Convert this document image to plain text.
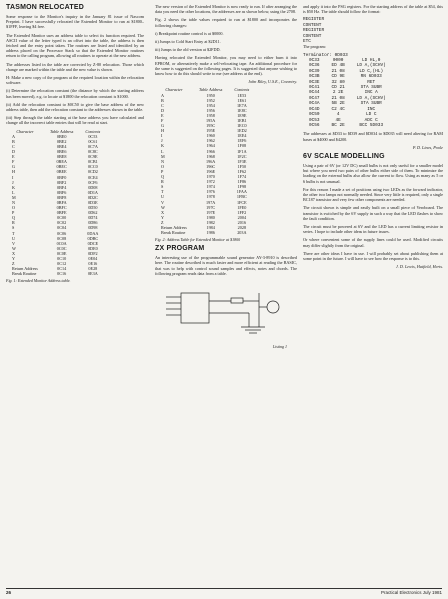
TASMON RELOCATED

Some response to the Monitor's inquiry in the January 81 issue of Nascom Preprint. I have successfully relocated the Extended Monitor to run at $1800–$1FFF, leaving $4 free.

The Extended Monitor uses an address table to select its function required. The ASCII value of the letter typed is an offset into the table, the address is then fetched and the entry point taken. The routines are listed and identified by an address placed on the Processor Stack so that the Extended Monitor routines return to the calling program, allowing all routines to operate at the new address.

The addresses listed in the table are corrected by Z-80 relocation. Those which change are marked within the table and the new value is shown.

H: Make a new copy of the program at the required location within the relocation software.

(i) Determine the relocation constant (the distance by which the starting address has been moved), e.g. to locate at $1800 the relocation constant is $1000.

(ii) Add the relocation constant to $0C50 to give the base address of the new address table, then add the relocation constant to the addresses shown in the table.

(iii) Step through the table starting at the base address you have calculated and change all the incorrect table entries that will be read at start.

Character	Table Address	Contents
A	0BE0	0C53
B	0BE2	0C61
C	0BE4	0C7A
D	0BE6	0C8C
E	0BE8	0C9E
F	0BEA	0CB1
G	0BEC	0CC0
H	0BEE	0CD2
I	0BF0	0CE4
J	0BF2	0CF6
K	0BF4	0D08
L	0BF6	0D1A
M	0BF8	0D2C
N	0BFA	0D3E
O	0BFC	0D50
P	0BFE	0D62
Q	0C00	0D74
R	0C02	0D86
S	0C04	0D98
T	0C06	0DAA
U	0C08	0DBC
V	0C0A	0DCE
W	0C0C	0DE0
X	0C0E	0DF2
Y	0C10	0E04
Z	0C12	0E16
Return Address	0C14	0E28
Break Routine	0C16	0E3A
Fig. 1: Extended Monitor Address table.

The new version of the Extended Monitor is now ready to run. If after arranging the data you need the other locations, the addresses are as shown below, using the 2708.

Fig. 2 shows the table values required to run at $1800 and incorporates the following changes:

i) Breakpoint routine control is at $0000.

ii) Jumps to Cold Start Entry at $2D11.

iii) Jumps to the old version at $2FDD.

Having relocated the Extended Monitor, you may need to either burn it into EPROM, or alternatively make a self-relocating tape. An additional procedure for the same is suggested on the following pages. It is suggested that anyone wishing to know how to do this should write to me (see address at the end).

John Riley, U.S.E., Coventry.
Character	Table Address	Contents
A	1950	1E53
B	1952	1E61
C	1954	1E7A
D	1956	1E8C
E	1958	1E9E
F	195A	1EB1
G	195C	1EC0
H	195E	1ED2
I	1960	1EE4
J	1962	1EF6
K	1964	1F08
L	1966	1F1A
M	1968	1F2C
N	196A	1F3E
O	196C	1F50
P	196E	1F62
Q	1970	1F74
R	1972	1F86
S	1974	1F98
T	1976	1FAA
U	1978	1FBC
V	197A	1FCE
W	197C	1FE0
X	197E	1FF2
Y	1980	2004
Z	1982	2016
Return Address	1984	2028
Break Routine	1986	203A
Fig. 2: Address Table for Extended Monitor at $1800
ZX PROGRAM

An interesting use of the programmable sound generator AY-3-8910 is described here. The routine described is much faster and more efficient at reading the BASIC, that was to help with control sound samples and effects, notes and chords. The following program reads data from a table.

Listing 1

and apply it into the PSG registers. For the starting address of the table at $54, this is $50 Hz. The table should follow the format:

REGISTER
CONTENT
REGISTER
CONTENT
ETC

The program:

Terminator: 0D033
0C33	0000	LD HL,0
0C36	ED 4B	LD A,(SCHV)
0C39	21 08	LD C,(HL)
0C3B	CD 9E	RN 6D033
0C3E	32 80	RET
0C41	CD 21	STA SUBR
0C44	2 2E	INC A
0C47	21 08	LD A,(SCHV)
0C4A	5B 2E	STA SUBR
0C4D	C2 4C	INC
0C50	4	LD C
0C53	4E	ADC C
0C56	BC 2E	BCC 5D033

The addresses at $D33 to $D39 and $D034 to $D035 will need altering for RAM bases at $4000 and $4200.

P. D. Lines, Poole
6V SCALE MODELLING

Using a pair of 6V (or 12V DC) small bulbs is not only useful for a smaller model but where you need two pairs of other bulbs either side of them. To minimize the loading on the external bulbs also allow the current to flow. Using as many as 5 or 6 bulbs is not unusual.

For this reason I made a set of positions using two LEDs as the forward indicator, the other two lamps not normally needed. Since very little is required, only a single BC187 transistor and very few other components are needed.

The circuit shown is simple and easily built on a small piece of Veroboard. The transistor is switched by the 6V supply in such a way that the LED flashes to show the fault condition.

The circuit must be powered at 6V and the LED has a current limiting resistor in series. I hope to include other ideas in future issues.

Or where convenient some of the supply lines could be used. Modified circuits may differ slightly from the original.

There are other ideas I have in use. I will probably set about publishing them at some point in the future. I will have to see how the response is to this.

J. D. Lewis, Hatfield, Herts.
26	Practical Electronics July 1981
